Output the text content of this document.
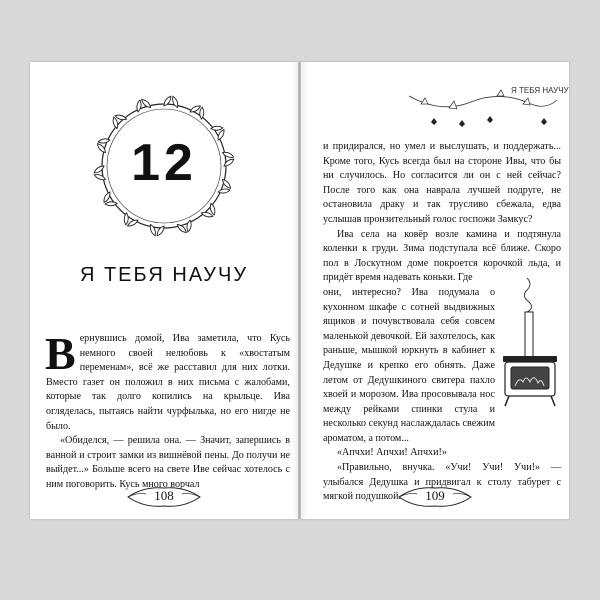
12
Я ТЕБЯ НАУЧУ

Вернувшись домой, Ива заметила, что Кусь немного своей нелюбовь к «хвостатым переменам», всё же расставил для них лотки. Вместо газет он положил в них письма с жалобами, которые так долго копились на крыльце. Ива огляделась, пытаясь найти чурфылька, но его нигде не было.

«Обиделся, — решила она. — Значит, запершись в ванной и строит замки из вишнёвой пены. До получи не выйдет...» Больше всего на свете Иве сейчас хотелось с ним поговорить. Кусь много ворчал

108
Я ТЕБЯ НАУЧУ

и придирался, но умел и выслушать, и поддержать... Кроме того, Кусь всегда был на стороне Ивы, что бы ни случилось. Но согласится ли он с ней сейчас? После того как она наврала лучшей подруге, не остановила драку и так трусливо сбежала, едва услышав пронзительный голос госпожи Замкус?

Ива села на ковёр возле камина и подтянула коленки к груди. Зима подступала всё ближе. Скоро пол в Лоскутном доме покроется корочкой льда, и придёт время надевать коньки. Где

они, интересно? Ива подумала о кухонном шкафе с сотней выдвижных ящиков и почувствовала себя совсем маленькой девочкой. Ей захотелось, как раньше, мышкой юркнуть в кабинет к Дедушке и крепко его обнять. Даже летом от Дедушкиного свитера пахло хвоей и морозом. Ива просовывала нос между рейками спинки стула и несколько секунд наслаждалась свежим ароматом, а потом...

«Апчхи! Апчхи! Апчхи!»

«Правильно, внучка. «Учи! Учи! Учи!» — улыбался Дедушка и придвигал к столу табурет с мягкой подушкой.	109
